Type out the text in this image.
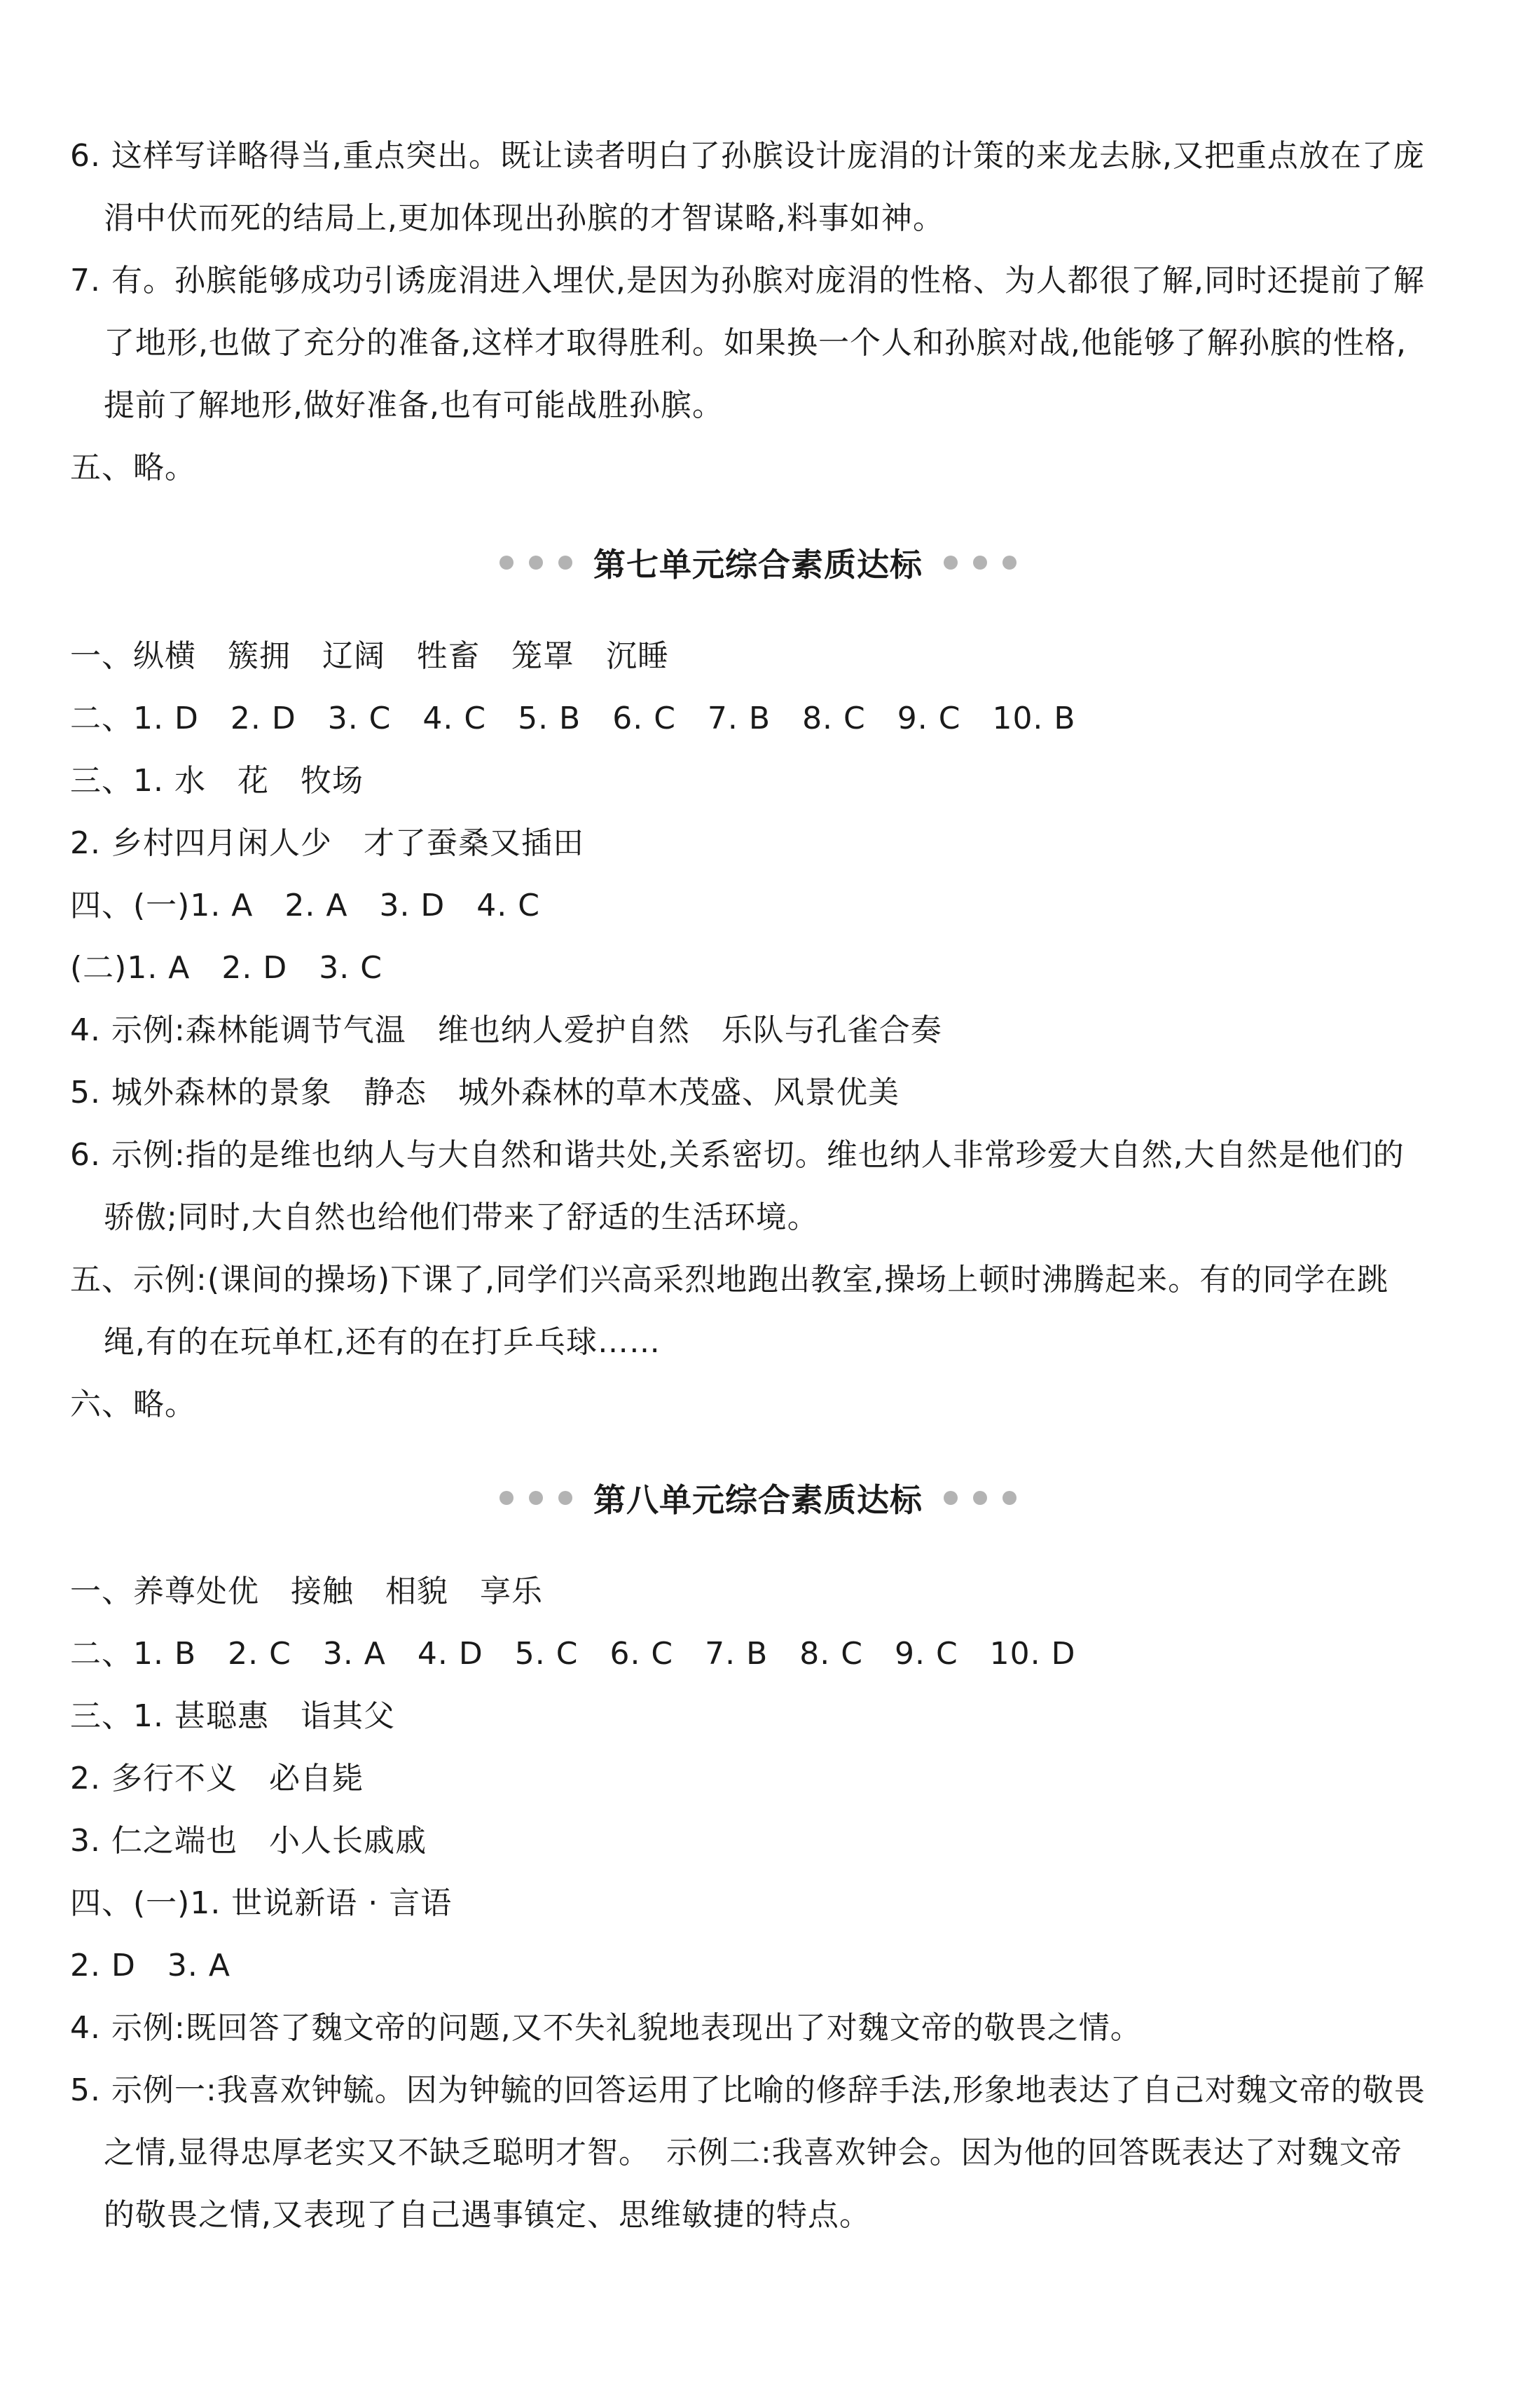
6. 这样写详略得当,重点突出。既让读者明白了孙膑设计庞涓的计策的来龙去脉,又把重点放在了庞
涓中伏而死的结局上,更加体现出孙膑的才智谋略,料事如神。
7. 有。孙膑能够成功引诱庞涓进入埋伏,是因为孙膑对庞涓的性格、为人都很了解,同时还提前了解
了地形,也做了充分的准备,这样才取得胜利。如果换一个人和孙膑对战,他能够了解孙膑的性格,
提前了解地形,做好准备,也有可能战胜孙膑。
五、略。
第七单元综合素质达标
一、纵横　簇拥　辽阔　牲畜　笼罩　沉睡
二、1. D　2. D　3. C　4. C　5. B　6. C　7. B　8. C　9. C　10. B
三、1. 水　花　牧场
2. 乡村四月闲人少　才了蚕桑又插田
四、(一)1. A　2. A　3. D　4. C
(二)1. A　2. D　3. C
4. 示例:森林能调节气温　维也纳人爱护自然　乐队与孔雀合奏
5. 城外森林的景象　静态　城外森林的草木茂盛、风景优美
6. 示例:指的是维也纳人与大自然和谐共处,关系密切。维也纳人非常珍爱大自然,大自然是他们的
骄傲;同时,大自然也给他们带来了舒适的生活环境。
五、示例:(课间的操场)下课了,同学们兴高采烈地跑出教室,操场上顿时沸腾起来。有的同学在跳
绳,有的在玩单杠,还有的在打乒乓球……
六、略。
第八单元综合素质达标
一、养尊处优　接触　相貌　享乐
二、1. B　2. C　3. A　4. D　5. C　6. C　7. B　8. C　9. C　10. D
三、1. 甚聪惠　诣其父
2. 多行不义　必自毙
3. 仁之端也　小人长戚戚
四、(一)1. 世说新语 · 言语
2. D　3. A
4. 示例:既回答了魏文帝的问题,又不失礼貌地表现出了对魏文帝的敬畏之情。
5. 示例一:我喜欢钟毓。因为钟毓的回答运用了比喻的修辞手法,形象地表达了自己对魏文帝的敬畏
之情,显得忠厚老实又不缺乏聪明才智。　示例二:我喜欢钟会。因为他的回答既表达了对魏文帝
的敬畏之情,又表现了自己遇事镇定、思维敏捷的特点。
